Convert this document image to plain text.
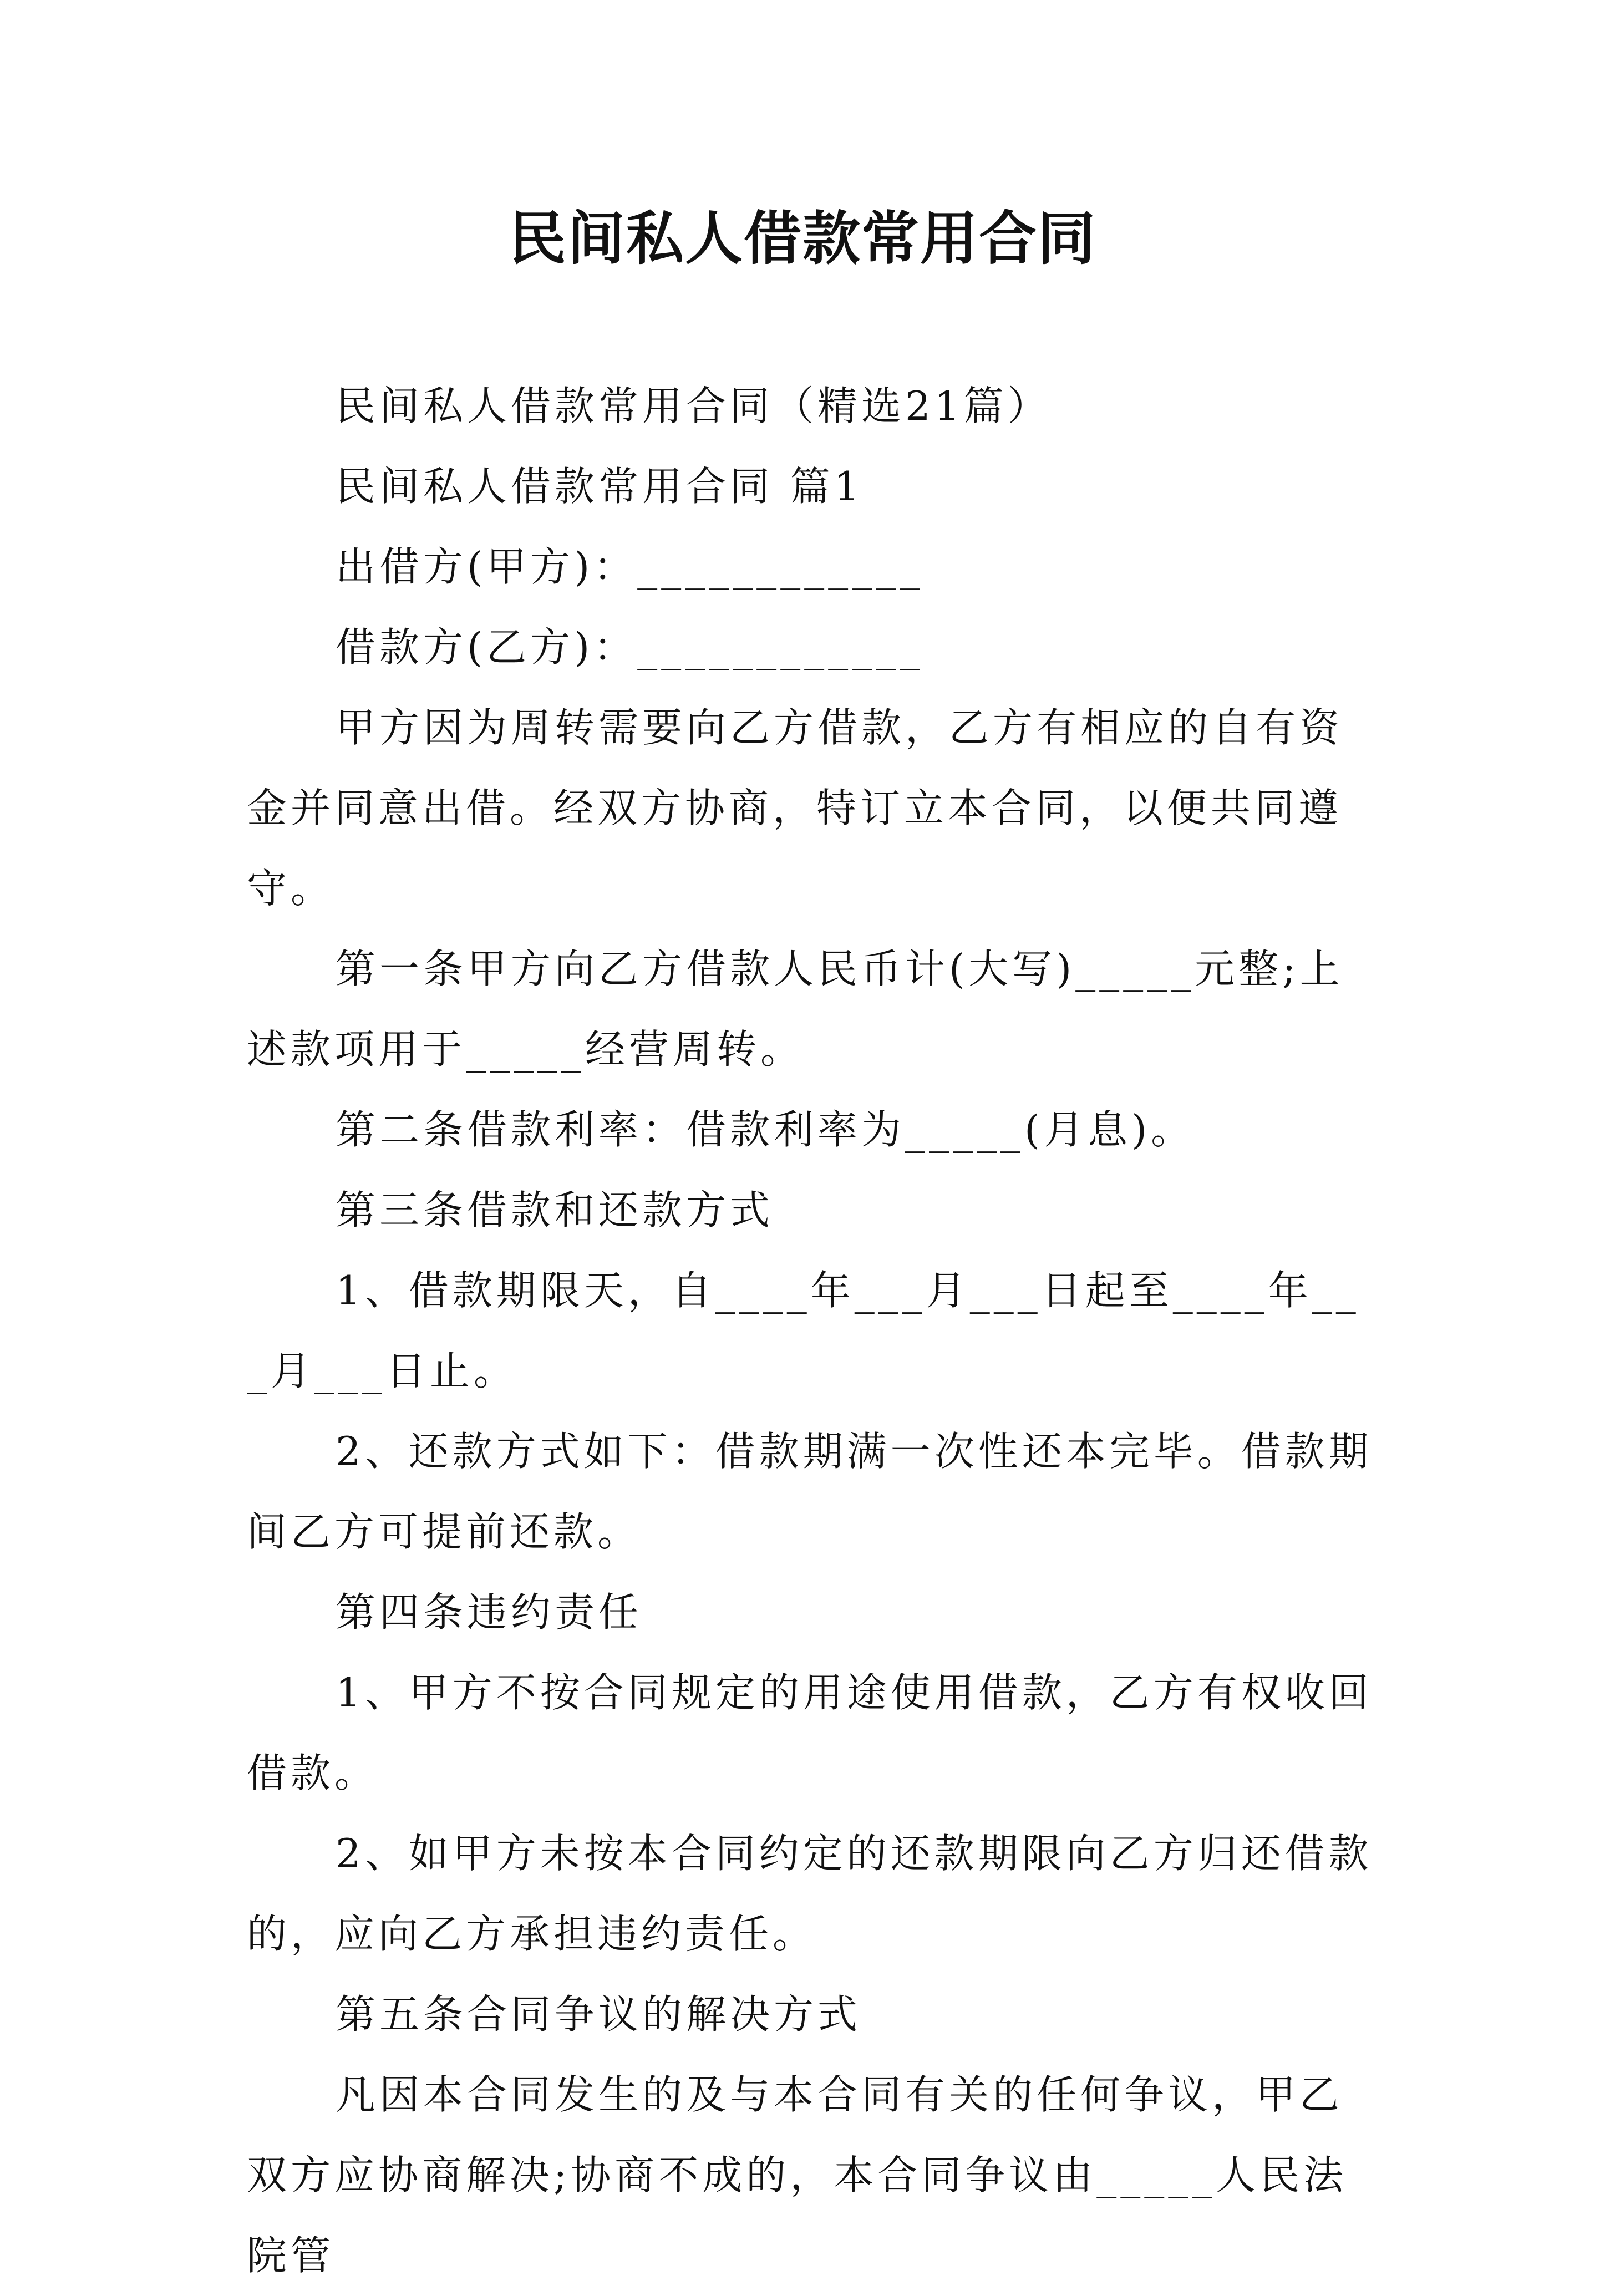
民间私人借款常用合同

民间私人借款常用合同（精选21篇）

民间私人借款常用合同 篇1

出借方(甲方)：____________

借款方(乙方)：____________

甲方因为周转需要向乙方借款，乙方有相应的自有资金并同意出借。经双方协商，特订立本合同，以便共同遵守。

第一条甲方向乙方借款人民币计(大写)_____元整;上述款项用于_____经营周转。

第二条借款利率：借款利率为_____(月息)。

第三条借款和还款方式

1、借款期限天，自____年___月___日起至____年___月___日止。

2、还款方式如下：借款期满一次性还本完毕。借款期间乙方可提前还款。

第四条违约责任

1、甲方不按合同规定的用途使用借款，乙方有权收回借款。

2、如甲方未按本合同约定的还款期限向乙方归还借款的，应向乙方承担违约责任。

第五条合同争议的解决方式

凡因本合同发生的及与本合同有关的任何争议，甲乙双方应协商解决;协商不成的，本合同争议由_____人民法院管
